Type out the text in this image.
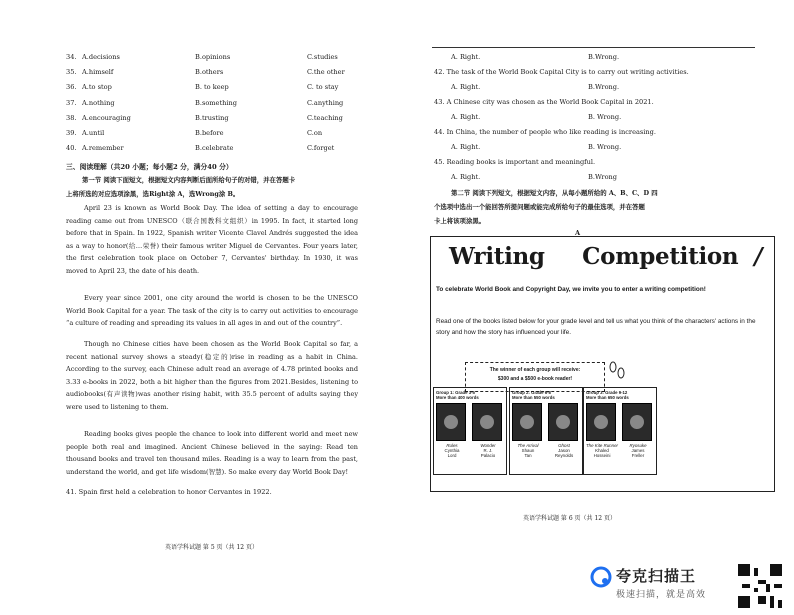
34. A.decisions	B.opinions	C.studies
35. A.himself	B.others	C.the other
36. A.to stop	B. to keep	C. to stay
37. A.nothing	B.something	C.anything
38. A.encouraging	B.trusting	C.teaching
39. A.until	B.before	C.on
40. A.remember	B.celebrate	C.forget
三、阅读理解（共20 小题；每小题2 分，满分40 分）
第一节 阅读下面短文，根据短文内容判断后面所给句子的对错，并在答题卡
上将所选的对应选项涂黑，选Right涂 A，选Wrong涂 B。
April 23 is known as World Book Day. The idea of setting a day to encourage reading came out from UNESCO（联合国教科文组织）in 1995. In fact, it started long before that in Spain. In 1922, Spanish writer Vicente Clavel Andrés suggested the idea as a way to honor(给…荣誉) their famous writer Miguel de Cervantes. Four years later, the first celebration took place on October 7, Cervantes' birthday. In 1930, it was moved to April 23, the date of his death.
Every year since 2001, one city around the world is chosen to be the UNESCO World Book Capital for a year. The task of the city is to carry out activities to encourage “a culture of reading and spreading its values in all ages in and out of the country”.
Though no Chinese cities have been chosen as the World Book Capital so far, a recent national survey shows a steady(稳定的)rise in reading as a habit in China. According to the survey, each Chinese adult read an average of 4.78 printed books and 3.33 e-books in 2022, both a bit higher than the figures from 2021.Besides, listening to audiobooks(有声读物)was another rising habit, with 35.5 percent of adults saying they were used to listening to them.
Reading books gives people the chance to look into different world and meet new people both real and imagined. Ancient Chinese believed in the saying: Read ten thousand books and travel ten thousand miles. Reading is a way to learn from the past, understand the world, and get life wisdom(智慧). So make every day World Book Day!
41. Spain first held a celebration to honor Cervantes in 1922.
英语学科试题 第 5 页（共 12 页）
A. Right.	B.Wrong.
42. The task of the World Book Capital City is to carry out writing activities.
A. Right.	B.Wrong.
43. A Chinese city was chosen as the World Book Capital in 2021.
A. Right.	B. Wrong.
44. In China, the number of people who like reading is increasing.
A. Right.	B. Wrong.
45. Reading books is important and meaningful.
A. Right.	B.Wrong
第二节 阅读下列短文，根据短文内容，从每小题所给的 A、B、C、D 四
个选项中选出一个能回答所提问题或能完成所给句子的最佳选项，并在答题
卡上将该项涂黑。
A
Writing Competition /
To celebrate World Book and Copyright Day, we invite you to enter a writing competition!
Read one of the books listed below for your grade level and tell us what you think of the characters' actions in the story and how the story has influenced your life.
The winner of each group will receive:
$300 and a $500 e-book reader!
Group 1: Grade 3-5
More than 400 words
Rules
Cynthia
Lord
Wonder
R. J.
Palacio
Group 2: Grade 6-8
More than 550 words
The Arrival
Shaun
Tan
Ghost
Jason
Reynolds
Group 3: Grade 9-12
More than 650 words
The Kite Runner
Khaled
Hosseini
Ryosuke
James
Freller
英语学科试题 第 6 页（共 12 页）
夸克扫描王
极速扫描，就是高效
